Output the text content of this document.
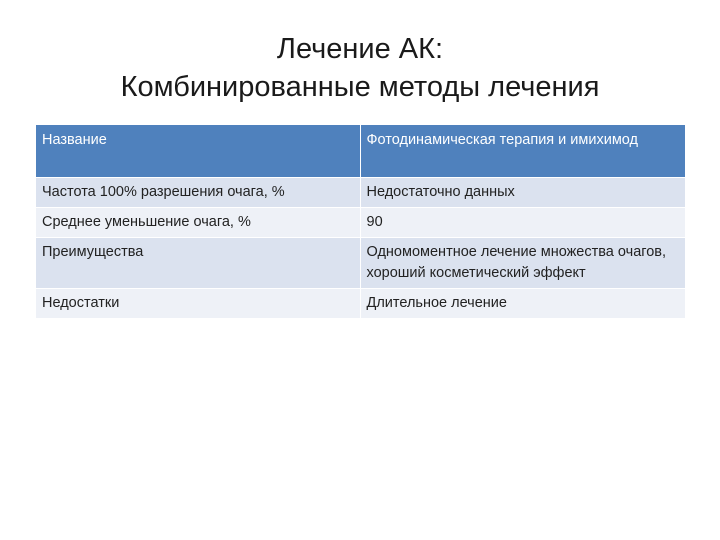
Лечение АК:
Комбинированные методы лечения
Название	Фотодинамическая терапия и имихимод
Частота 100% разрешения очага, %	Недостаточно данных
Среднее уменьшение очага, %	90
Преимущества	Одномоментное лечение множества очагов, хороший косметический эффект
Недостатки	Длительное лечение
